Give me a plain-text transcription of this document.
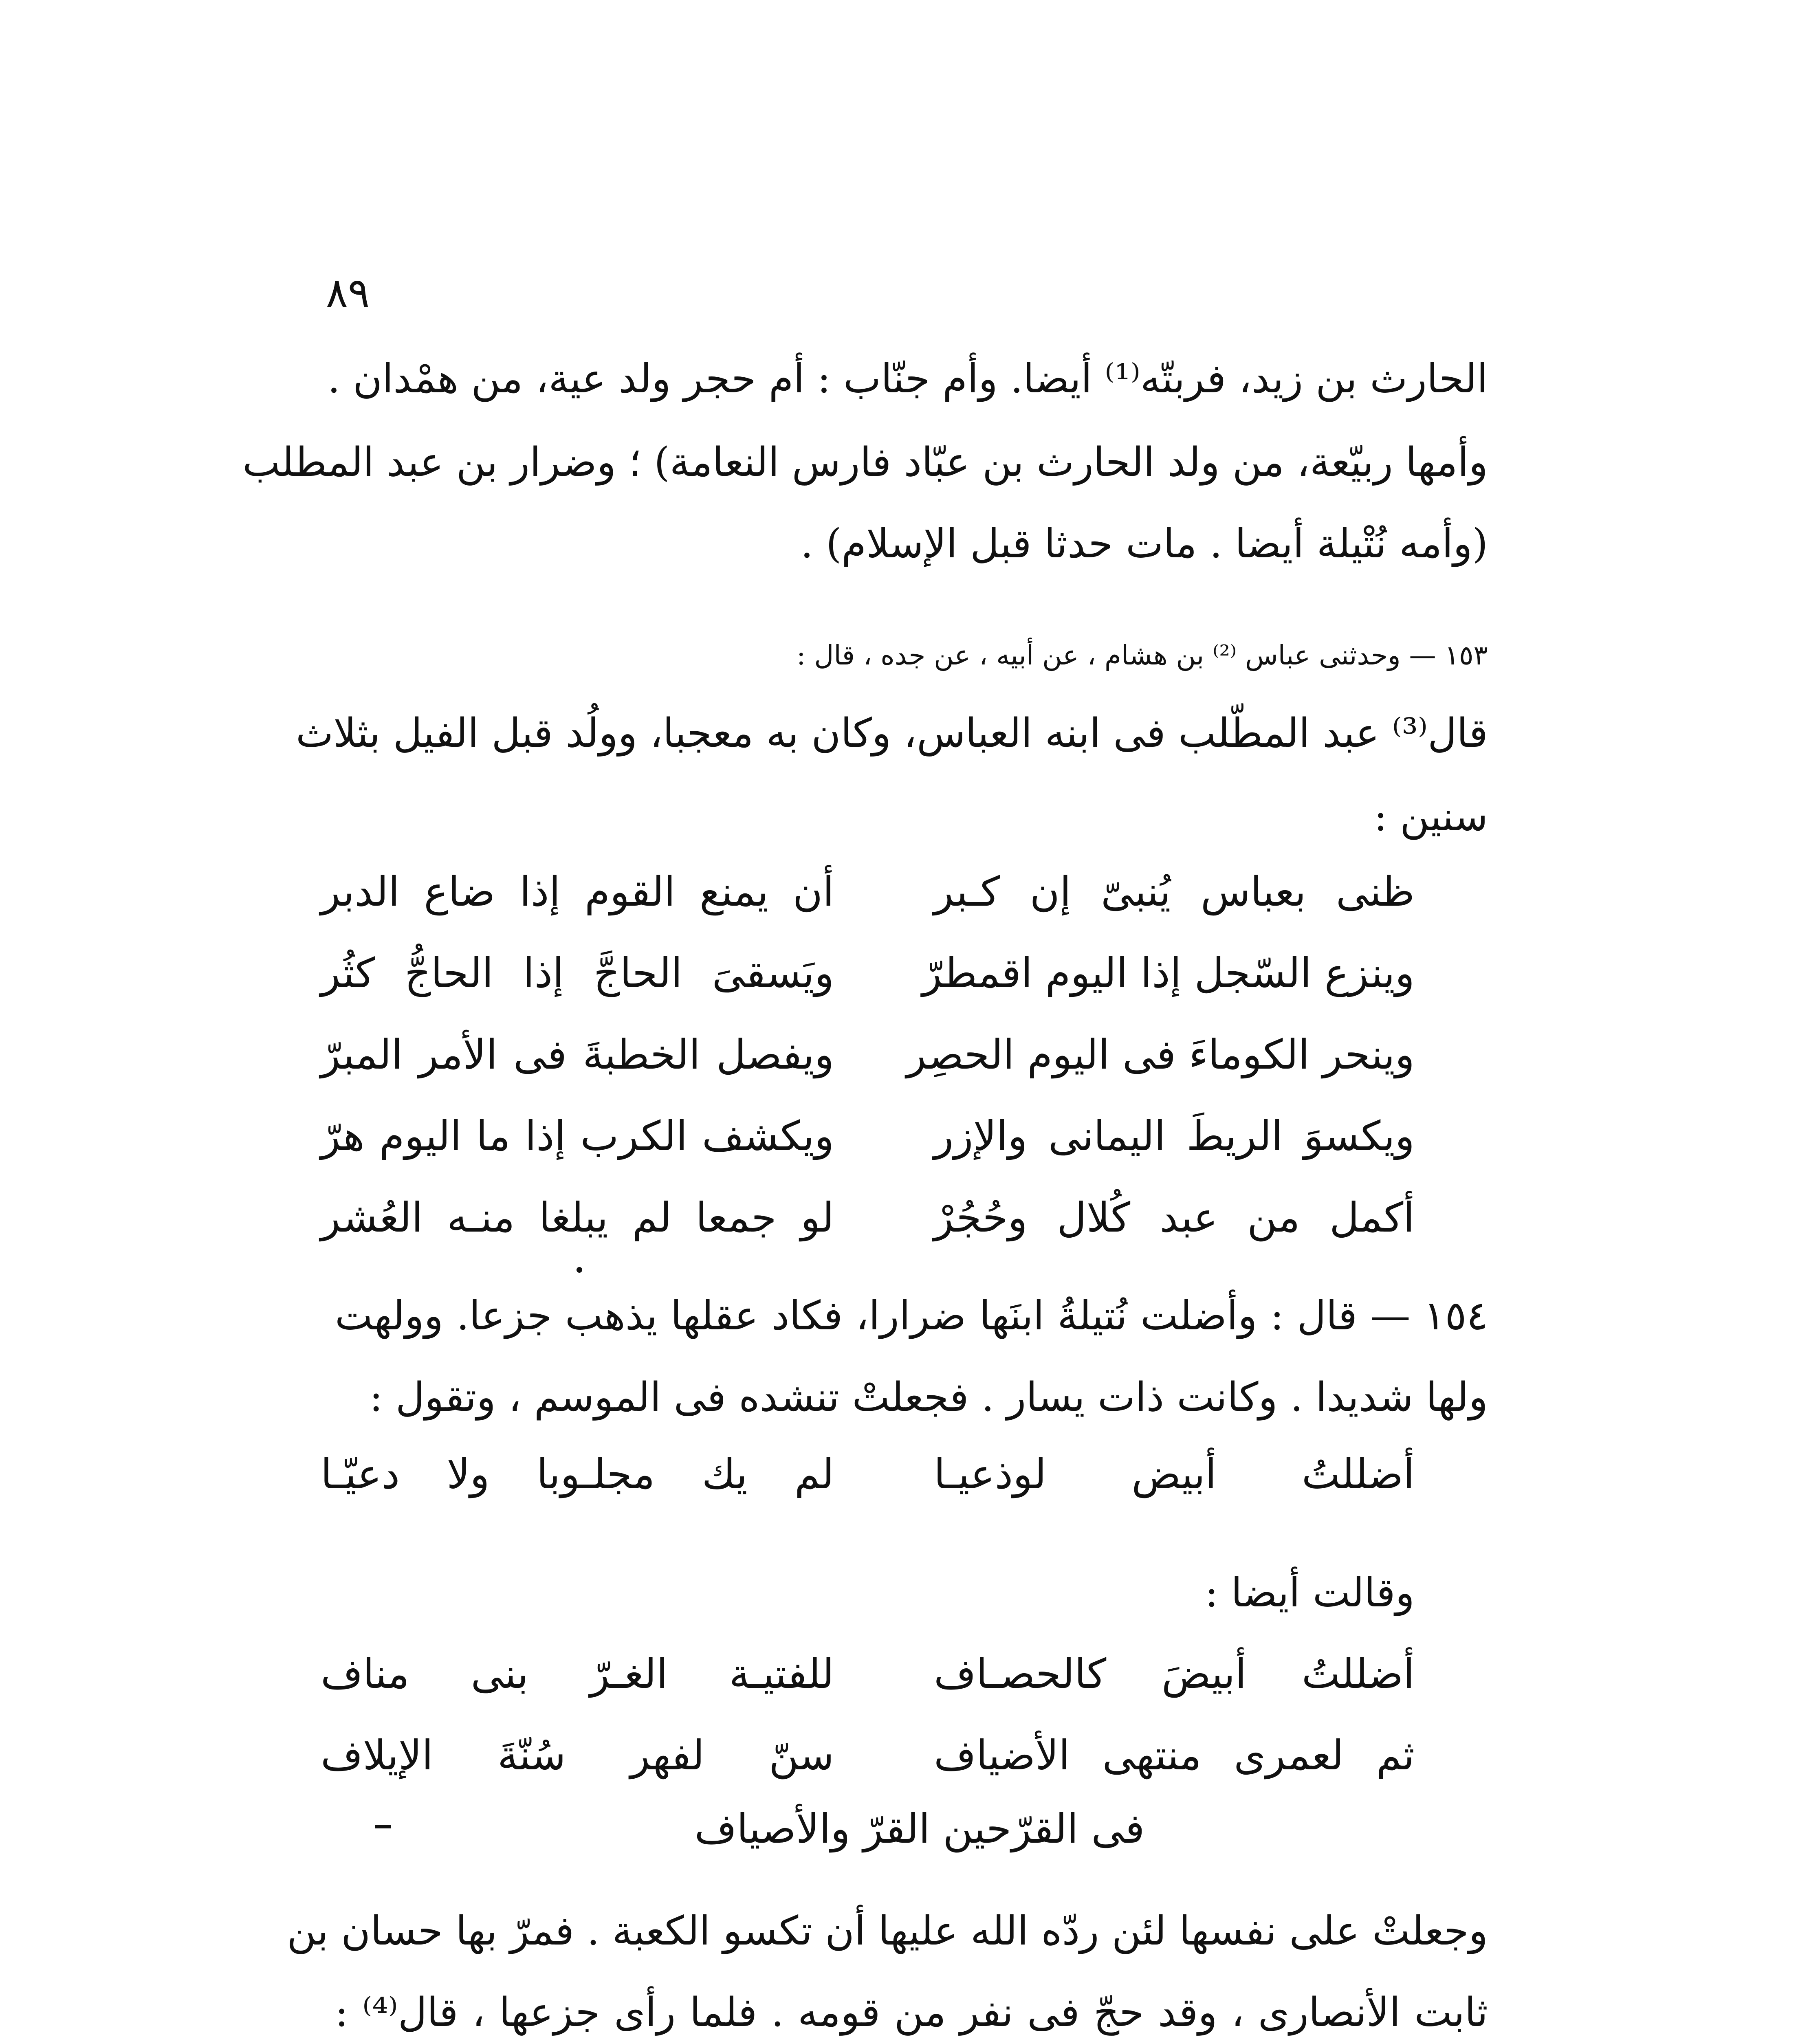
٨٩
الحارث بن زيد، فربتّه⁽¹⁾ أيضا. وأم جنّاب : أم حجر ولد عية، من همْدان .
وأمها ربيّعة، من ولد الحارث بن عبّاد فارس النعامة) ؛ وضرار بن عبد المطلب
(وأمه نُتْيلة أيضا . مات حدثا قبل الإسلام) .
١٥٣ — وحدثنى عباس ⁽²⁾ بن هشام ، عن أبيه ، عن جده ، قال :
قال⁽³⁾ عبد المطّلب فى ابنه العباس، وكان به معجبا، وولُد قبل الفيل بثلاث
سنين :
ظنى بعباس يُنبىّ إن كـبر
أن يمنع القوم إذا ضاع الدبر
وينزع السّجل إذا اليوم اقمطرّ
ويَسقىَ الحاجَّ إذا الحاجُّ كثُر
وينحر الكوماءَ فى اليوم الحصِر
ويفصل الخطبةَ فى الأمر المبرّ
ويكسوَ الريطَ اليمانى والإزر
ويكشف الكرب إذا ما اليوم هرّ
أكمل من عبد كُلال وحُجُرْ
لو جمعا لم يبلغا منـه العُشر
١٥٤ — قال : وأضلت نُتيلةُ ابنَها ضرارا، فكاد عقلها يذهب جزعا. وولهت
ولها شديدا . وكانت ذات يسار . فجعلتْ تنشده فى الموسم ، وتقول :
أضللتُ أبيض لوذعيـا
لم يك مجلـوبا ولا دعيّـا
وقالت أيضا :
أضللتُ أبيضَ كالحصـاف
للفتيـة الغـرّ بنى مناف
ثم لعمرى منتهى الأضياف
سنّ لفهر سُنّةَ الإيلاف
فى القرّحين القرّ والأصياف
وجعلتْ على نفسها لئن ردّه الله عليها أن تكسو الكعبة . فمرّ بها حسان بن
ثابت الأنصارى ، وقد حجّ فى نفر من قومه . فلما رأى جزعها ، قال⁽⁴⁾ :
